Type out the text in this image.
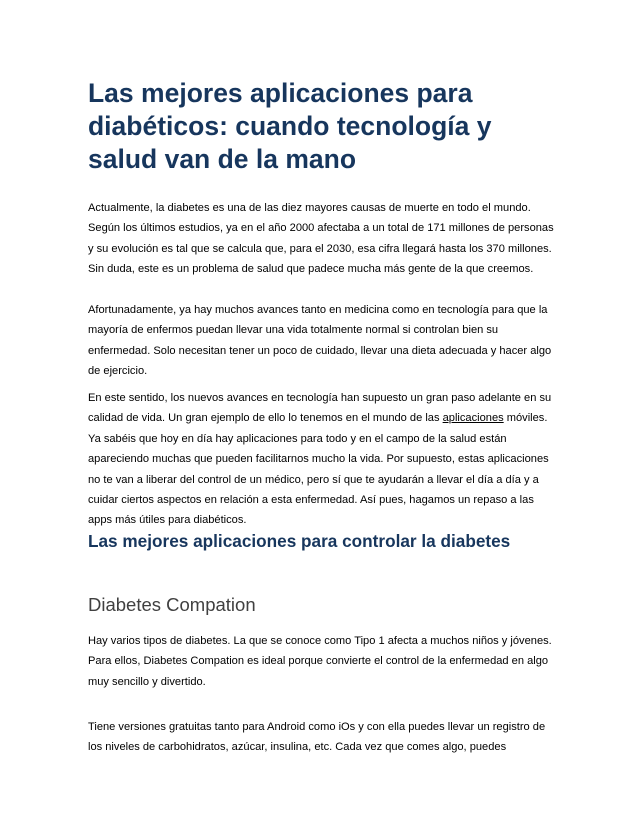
Las mejores aplicaciones para diabéticos: cuando tecnología y salud van de la mano

Actualmente, la diabetes es una de las diez mayores causas de muerte en todo el mundo. Según los últimos estudios, ya en el año 2000 afectaba a un total de 171 millones de personas y su evolución es tal que se calcula que, para el 2030, esa cifra llegará hasta los 370 millones. Sin duda, este es un problema de salud que padece mucha más gente de la que creemos.

Afortunadamente, ya hay muchos avances tanto en medicina como en tecnología para que la mayoría de enfermos puedan llevar una vida totalmente normal si controlan bien su enfermedad. Solo necesitan tener un poco de cuidado, llevar una dieta adecuada y hacer algo de ejercicio.

En este sentido, los nuevos avances en tecnología han supuesto un gran paso adelante en su calidad de vida. Un gran ejemplo de ello lo tenemos en el mundo de las aplicaciones móviles. Ya sabéis que hoy en día hay aplicaciones para todo y en el campo de la salud están apareciendo muchas que pueden facilitarnos mucho la vida. Por supuesto, estas aplicaciones no te van a liberar del control de un médico, pero sí que te ayudarán a llevar el día a día y a cuidar ciertos aspectos en relación a esta enfermedad. Así pues, hagamos un repaso a las apps más útiles para diabéticos.

Las mejores aplicaciones para controlar la diabetes
Diabetes Compation

Hay varios tipos de diabetes. La que se conoce como Tipo 1 afecta a muchos niños y jóvenes. Para ellos, Diabetes Compation es ideal porque convierte el control de la enfermedad en algo muy sencillo y divertido.

Tiene versiones gratuitas tanto para Android como iOs y con ella puedes llevar un registro de los niveles de carbohidratos, azúcar, insulina, etc. Cada vez que comes algo, puedes
